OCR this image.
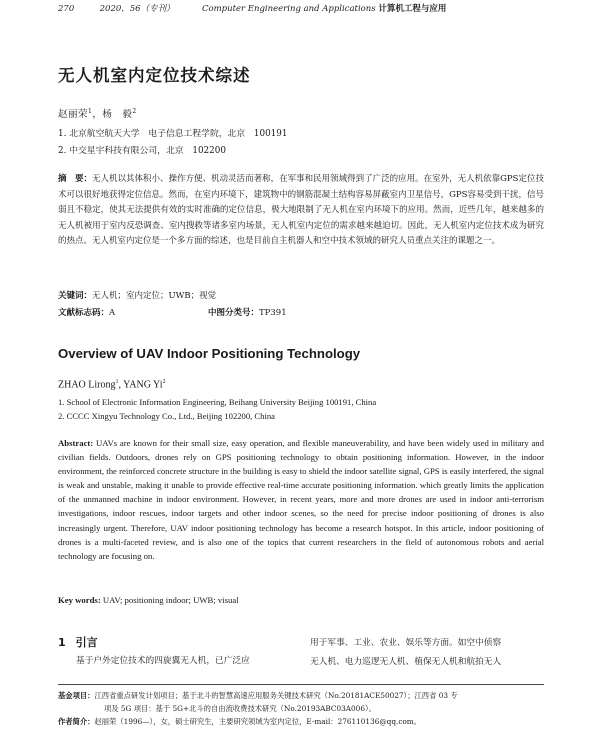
270	2020，56（专刊）	Computer Engineering and Applications 计算机工程与应用
无人机室内定位技术综述
赵丽荣$^1$，杨　毅$^2$
1. 北京航空航天大学　电子信息工程学院，北京　100191
2. 中交星宇科技有限公司，北京　102200
摘　要：无人机以其体积小、操作方便、机动灵活而著称，在军事和民用领域得到了广泛的应用。在室外，无人机依靠GPS定位技术可以很好地获得定位信息。然而，在室内环境下，建筑物中的钢筋混凝土结构容易屏蔽室内卫星信号，GPS容易受到干扰，信号弱且不稳定，使其无法提供有效的实时准确的定位信息，极大地限制了无人机在室内环境下的应用。然而，近些几年，越来越多的无人机被用于室内反恐调查、室内搜救等诸多室内场景，无人机室内定位的需求越来越迫切。因此，无人机室内定位技术成为研究的热点。无人机室内定位是一个多方面的综述，也是目前自主机器人和空中技术领域的研究人员重点关注的课题之一。
关键词：无人机；室内定位；UWB；视觉
文献标志码：A	中图分类号：TP391
Overview of UAV Indoor Positioning Technology
ZHAO Lirong$^1$, YANG Yi$^2$
1. School of Electronic Information Engineering, Beihang University Beijing 100191, China
2. CCCC Xingyu Technology Co., Ltd., Beijing 102200, China
Abstract: UAVs are known for their small size, easy operation, and flexible maneuverability, and have been widely used in military and civilian fields. Outdoors, drones rely on GPS positioning technology to obtain positioning information. However, in the indoor environment, the reinforced concrete structure in the building is easy to shield the indoor satellite signal, GPS is easily interfered, the signal is weak and unstable, making it unable to provide effective real-time accurate positioning information. which greatly limits the application of the unmanned machine in indoor environment. However, in recent years, more and more drones are used in indoor anti-terrorism investigations, indoor rescues, indoor targets and other indoor scenes, so the need for precise indoor positioning of drones is also increasingly urgent. Therefore, UAV indoor positioning technology has become a research hotspot. In this article, indoor positioning of drones is a multi-faceted review, and is also one of the topics that current researchers in the field of autonomous robots and aerial technology are focusing on.
Key words: UAV; positioning indoor; UWB; visual
1 引言
基于户外定位技术的四旋翼无人机，已广泛应
用于军事、工业、农业、娱乐等方面。如空中侦察
无人机、电力巡逻无人机、植保无人机和航拍无人
基金项目：江西省重点研发计划项目；基于北斗的智慧高速应用服务关键技术研究（No.20181ACE50027）；江西省 03 专
项及 5G 项目：基于 5G+北斗的自由流收费技术研究（No.20193ABC03A006）。
作者简介：赵丽荣（1996—），女，硕士研究生，主要研究领域为室内定位，E-mail：276110136@qq.com。
